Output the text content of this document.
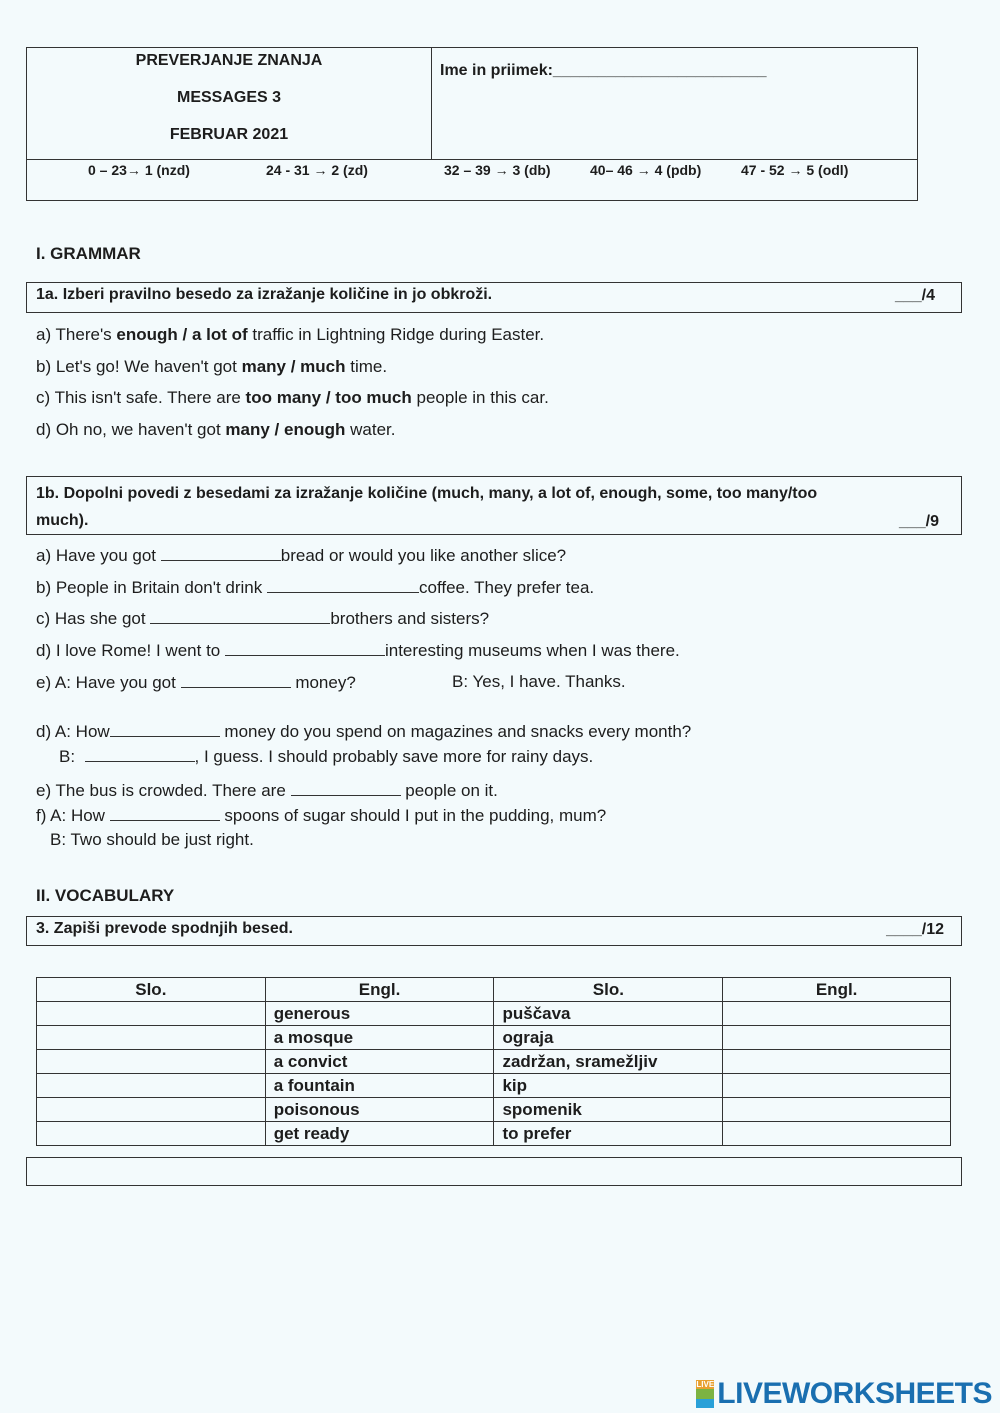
PREVERJANJE ZNANJA
MESSAGES 3
FEBRUAR 2021
Ime in priimek:________________________
0 – 23→ 1 (nzd)	24 - 31 → 2 (zd)	32 – 39 → 3 (db)	40– 46 → 4 (pdb)	47 - 52 → 5 (odl)
I. GRAMMAR
1a. Izberi pravilno besedo za izražanje količine in jo obkroži.	___/4
a) There's enough / a lot of traffic in Lightning Ridge during Easter.
b) Let's go! We haven't got many / much time.
c) This isn't safe. There are too many / too much people in this car.
d) Oh no, we haven't got many / enough water.
1b. Dopolni povedi z besedami za izražanje količine (much, many, a lot of, enough, some, too many/too
much).	___/9
a) Have you got	bread or would you like another slice?
b) People in Britain don't drink	coffee. They prefer tea.
c) Has she got	brothers and sisters?
d) I love Rome! I went to	interesting museums when I was there.
e) A: Have you got	money?	B: Yes, I have. Thanks.
d) A: How	money do you spend on magazines and snacks every month?
B:	, I guess. I should probably save more for rainy days.
e) The bus is crowded. There are	people on it.
f) A: How	spoons of sugar should I put in the pudding, mum?
B: Two should be just right.
II. VOCABULARY
3. Zapiši prevode spodnjih besed.	____/12
Slo.	Engl.	Slo.	Engl.
	generous	puščava	
	a mosque	ograja	
	a convict	zadržan, sramežljiv	
	a fountain	kip	
	poisonous	spomenik	
	get ready	to prefer	
LIVE LIVEWORKSHEETS
